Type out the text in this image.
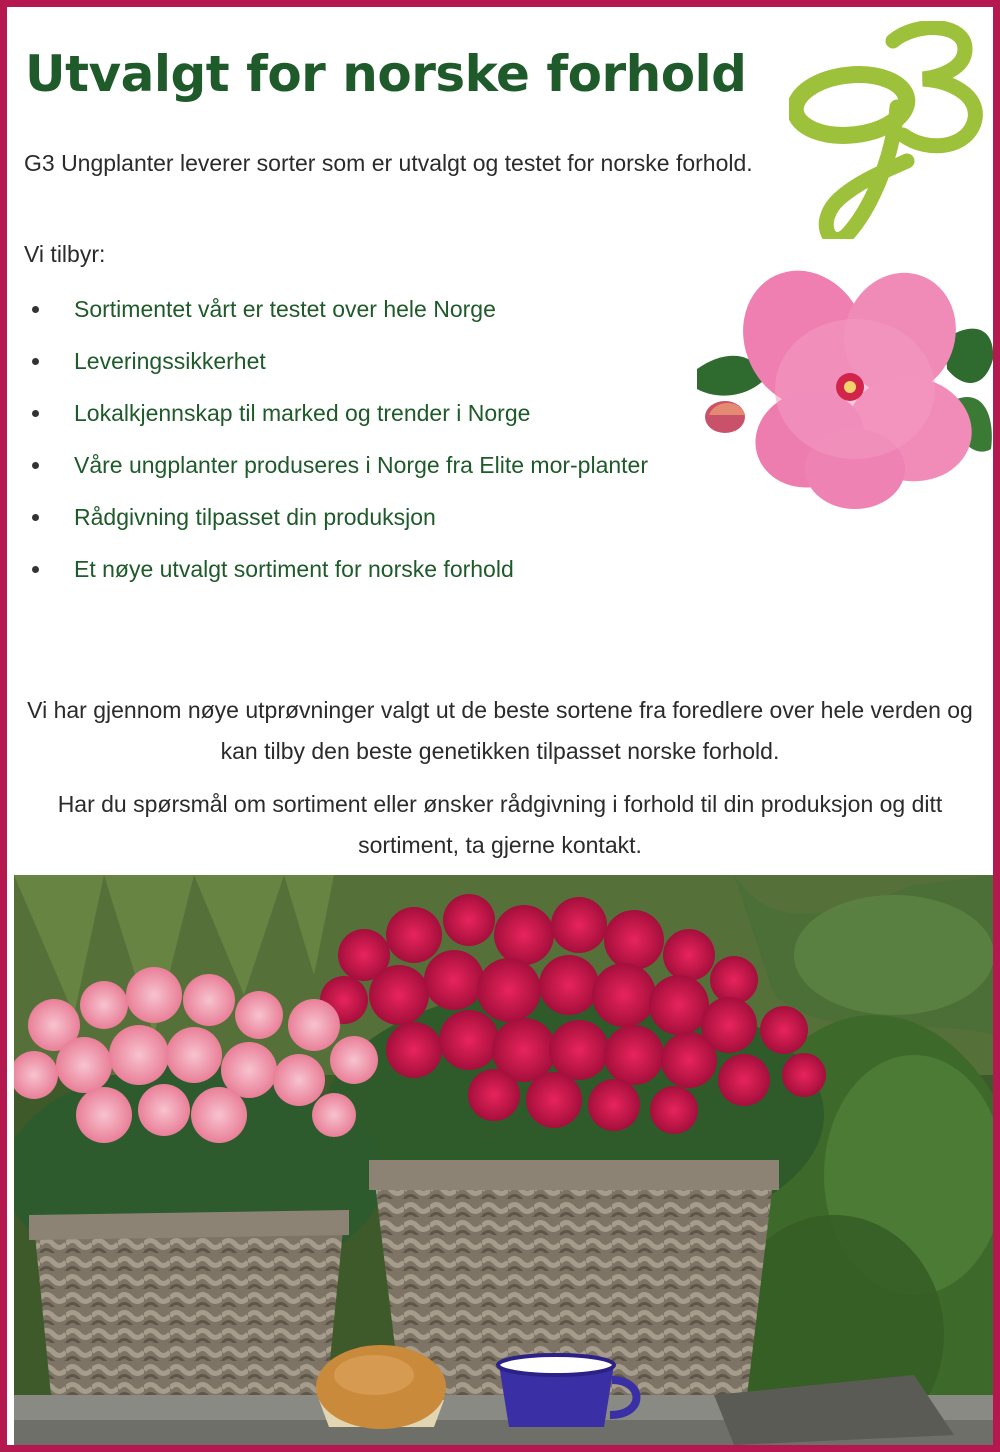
Utvalgt for norske forhold

G3 Ungplanter leverer sorter som er utvalgt og testet for norske forhold.

Vi tilbyr:

Sortimentet vårt er testet over hele Norge
Leveringssikkerhet
Lokalkjennskap til marked og trender i Norge
Våre ungplanter produseres i Norge fra Elite mor-planter
Rådgivning tilpasset din produksjon
Et nøye utvalgt sortiment for norske forhold

Vi har gjennom nøye utprøvninger valgt ut de beste sortene fra foredlere over hele verden og kan tilby den beste genetikken tilpasset norske forhold.

Har du spørsmål om sortiment eller ønsker rådgivning i forhold til din produksjon og ditt sortiment, ta gjerne kontakt.
